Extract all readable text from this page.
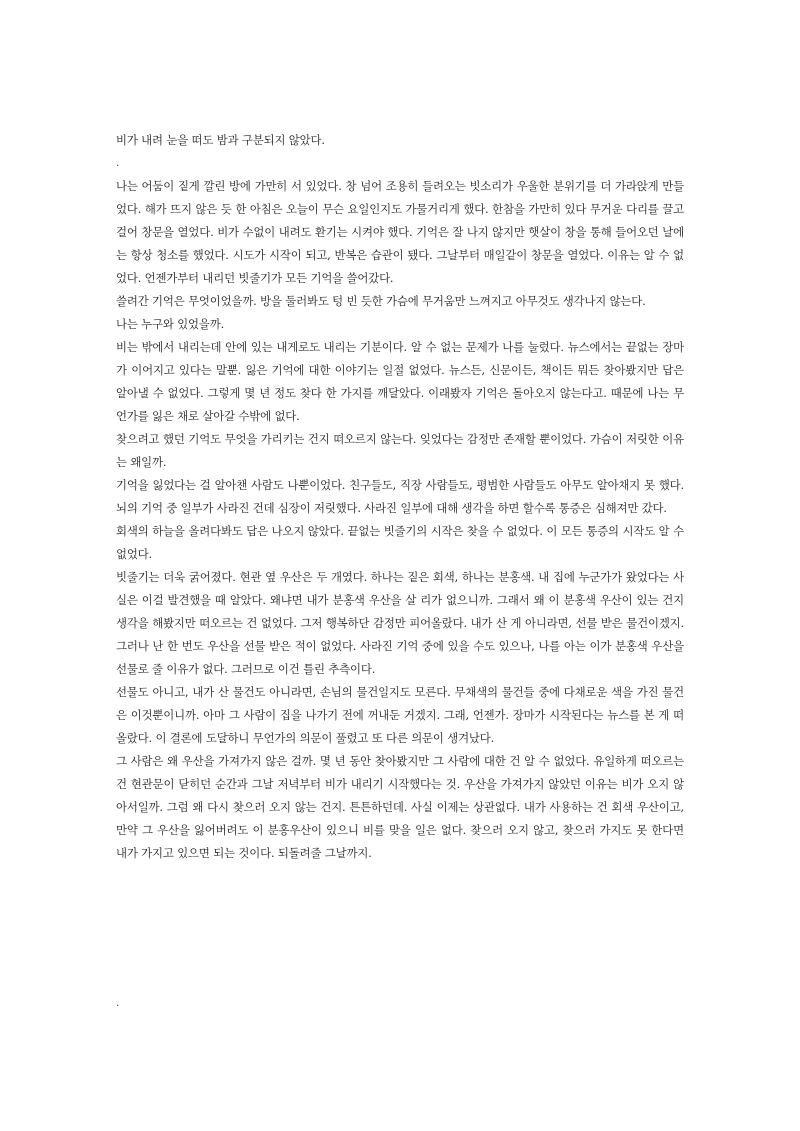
비가 내려 눈을 떠도 밤과 구분되지 않았다.

.

나는 어둠이 짙게 깔린 방에 가만히 서 있었다. 창 넘어 조용히 들려오는 빗소리가 우울한 분위기를 더 가라앉게 만들었다. 해가 뜨지 않은 듯 한 아침은 오늘이 무슨 요일인지도 가물거리게 했다. 한참을 가만히 있다 무거운 다리를 끌고 걸어 창문을 열었다. 비가 수없이 내려도 환기는 시켜야 했다. 기억은 잘 나지 않지만 햇살이 창을 통해 들어오던 날에는 항상 청소를 했었다. 시도가 시작이 되고, 반복은 습관이 됐다. 그날부터 매일같이 창문을 열었다. 이유는 알 수 없었다. 언젠가부터 내리던 빗줄기가 모든 기억을 쓸어갔다.

쓸려간 기억은 무엇이었을까. 방을 둘러봐도 텅 빈 듯한 가슴에 무거움만 느껴지고 아무것도 생각나지 않는다.

나는 누구와 있었을까.

비는 밖에서 내리는데 안에 있는 내게로도 내리는 기분이다. 알 수 없는 문제가 나를 눌렀다. 뉴스에서는 끝없는 장마가 이어지고 있다는 말뿐. 잃은 기억에 대한 이야기는 일절 없었다. 뉴스든, 신문이든, 책이든 뭐든 찾아봤지만 답은 알아낼 수 없었다. 그렇게 몇 년 정도 찾다 한 가지를 깨달았다. 이래봤자 기억은 돌아오지 않는다고. 때문에 나는 무언가를 잃은 채로 살아갈 수밖에 없다.

찾으려고 했던 기억도 무엇을 가리키는 건지 떠오르지 않는다. 잊었다는 감정만 존재할 뿐이었다. 가슴이 저릿한 이유는 왜일까.

기억을 잃었다는 걸 알아챈 사람도 나뿐이었다. 친구들도, 직장 사람들도, 평범한 사람들도 아무도 알아채지 못 했다. 뇌의 기억 중 일부가 사라진 건데 심장이 저릿했다. 사라진 일부에 대해 생각을 하면 할수록 통증은 심해져만 갔다.

회색의 하늘을 올려다봐도 답은 나오지 않았다. 끝없는 빗줄기의 시작은 찾을 수 없었다. 이 모든 통증의 시작도 알 수 없었다.

빗줄기는 더욱 굵어졌다. 현관 옆 우산은 두 개였다. 하나는 짙은 회색, 하나는 분홍색. 내 집에 누군가가 왔었다는 사실은 이걸 발견했을 때 알았다. 왜냐면 내가 분홍색 우산을 살 리가 없으니까. 그래서 왜 이 분홍색 우산이 있는 건지 생각을 해봤지만 떠오르는 건 없었다. 그저 행복하단 감정만 피어올랐다. 내가 산 게 아니라면, 선물 받은 물건이겠지. 그러나 난 한 번도 우산을 선물 받은 적이 없었다. 사라진 기억 중에 있을 수도 있으나, 나를 아는 이가 분홍색 우산을 선물로 줄 이유가 없다. 그러므로 이건 틀린 추측이다.

선물도 아니고, 내가 산 물건도 아니라면, 손님의 물건일지도 모른다. 무채색의 물건들 중에 다채로운 색을 가진 물건은 이것뿐이니까. 아마 그 사람이 집을 나가기 전에 꺼내둔 거겠지. 그래, 언젠가. 장마가 시작된다는 뉴스를 본 게 떠올랐다. 이 결론에 도달하니 무언가의 의문이 풀렸고 또 다른 의문이 생겨났다.

그 사람은 왜 우산을 가져가지 않은 걸까. 몇 년 동안 찾아봤지만 그 사람에 대한 건 알 수 없었다. 유일하게 떠오르는 건 현관문이 닫히던 순간과 그날 저녁부터 비가 내리기 시작했다는 것. 우산을 가져가지 않았던 이유는 비가 오지 않아서일까. 그럼 왜 다시 찾으러 오지 않는 건지. 튼튼하던데. 사실 이제는 상관없다. 내가 사용하는 건 회색 우산이고, 만약 그 우산을 잃어버려도 이 분홍우산이 있으니 비를 맞을 일은 없다. 찾으러 오지 않고, 찾으러 가지도 못 한다면 내가 가지고 있으면 되는 것이다. 되돌려줄 그날까지.

.
